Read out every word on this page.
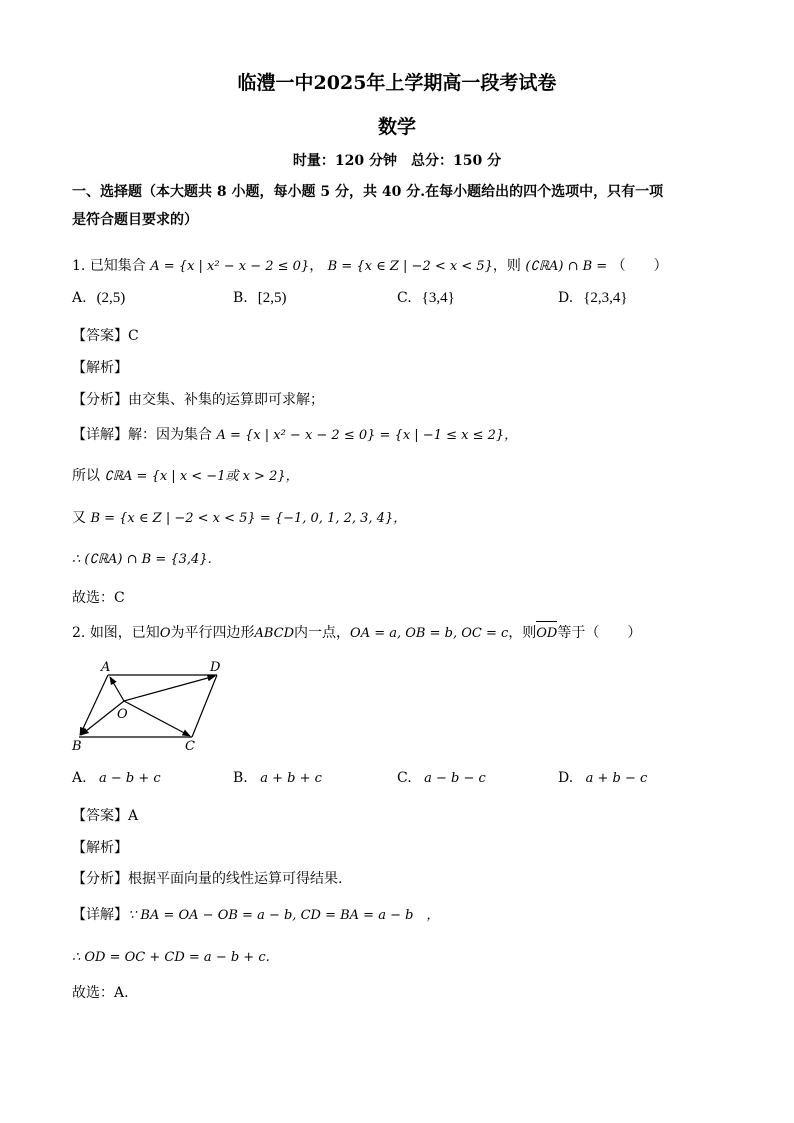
临澧一中2025年上学期高一段考试卷
数学
时量：120 分钟　总分：150 分
一、选择题（本大题共 8 小题，每小题 5 分，共 40 分.在每小题给出的四个选项中，只有一项
是符合题目要求的）
1. 已知集合 A = {x | x² − x − 2 ≤ 0}， B = {x ∈ Z | −2 < x < 5}，则 (∁ℝA) ∩ B = （　　）
A. (2,5)	B. [2,5)	C. {3,4}	D. {2,3,4}
【答案】C
【解析】
【分析】由交集、补集的运算即可求解；
【详解】解：因为集合 A = {x | x² − x − 2 ≤ 0} = {x | −1 ≤ x ≤ 2}，
所以 ∁ℝA = {x | x < −1或 x > 2}，
又 B = {x ∈ Z | −2 < x < 5} = {−1, 0, 1, 2, 3, 4}，
∴ (∁ℝA) ∩ B = {3,4}.
故选：C
2. 如图，已知O为平行四边形ABCD内一点，OA = a, OB = b, OC = c，则OD等于（　　）
A	D
B	C
O
A. a − b + c	B. a + b + c	C. a − b − c	D. a + b − c
【答案】A
【解析】
【分析】根据平面向量的线性运算可得结果.
【详解】∵ BA = OA − OB = a − b, CD = BA = a − b　，
∴ OD = OC + CD = a − b + c.
故选：A.
